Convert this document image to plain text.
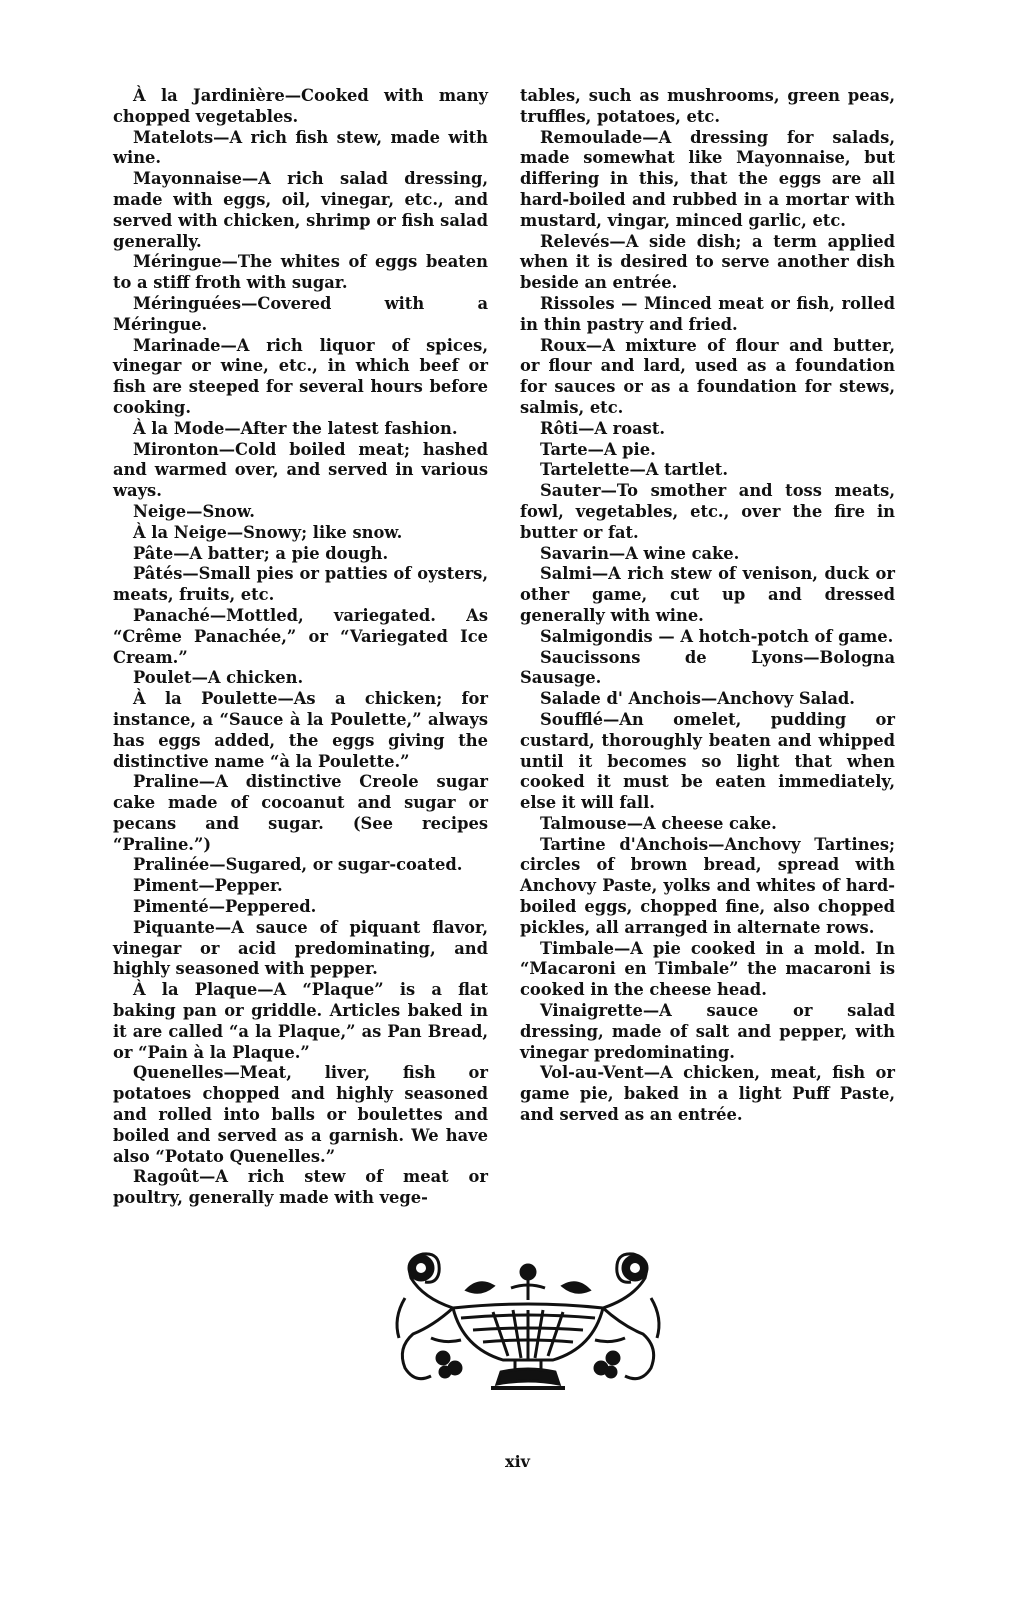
À la Jardinière—Cooked with many chopped vegetables.

Matelots—A rich fish stew, made with wine.

Mayonnaise—A rich salad dressing, made with eggs, oil, vinegar, etc., and served with chicken, shrimp or fish salad generally.

Méringue—The whites of eggs beaten to a stiff froth with sugar.

Méringuées—Covered with a Méringue.

Marinade—A rich liquor of spices, vinegar or wine, etc., in which beef or fish are steeped for several hours before cooking.

À la Mode—After the latest fashion.

Mironton—Cold boiled meat; hashed and warmed over, and served in various ways.

Neige—Snow.

À la Neige—Snowy; like snow.

Pâte—A batter; a pie dough.

Pâtés—Small pies or patties of oysters, meats, fruits, etc.

Panaché—Mottled, variegated. As “Crême Panachée,” or “Variegated Ice Cream.”

Poulet—A chicken.

À la Poulette—As a chicken; for instance, a “Sauce à la Poulette,” always has eggs added, the eggs giving the distinctive name “à la Poulette.”

Praline—A distinctive Creole sugar cake made of cocoanut and sugar or pecans and sugar. (See recipes “Praline.”)

Pralinée—Sugared, or sugar-coated.

Piment—Pepper.

Pimenté—Peppered.

Piquante—A sauce of piquant flavor, vinegar or acid predominating, and highly seasoned with pepper.

À la Plaque—A “Plaque” is a flat baking pan or griddle. Articles baked in it are called “a la Plaque,” as Pan Bread, or “Pain à la Plaque.”

Quenelles—Meat, liver, fish or potatoes chopped and highly seasoned and rolled into balls or boulettes and boiled and served as a garnish. We have also “Potato Quenelles.”

Ragoût—A rich stew of meat or poultry, generally made with vege-

tables, such as mushrooms, green peas, truffles, potatoes, etc.

Remoulade—A dressing for salads, made somewhat like Mayonnaise, but differing in this, that the eggs are all hard-boiled and rubbed in a mortar with mustard, vingar, minced garlic, etc.

Relevés—A side dish; a term applied when it is desired to serve another dish beside an entrée.

Rissoles — Minced meat or fish, rolled in thin pastry and fried.

Roux—A mixture of flour and butter, or flour and lard, used as a foundation for sauces or as a foundation for stews, salmis, etc.

Rôti—A roast.

Tarte—A pie.

Tartelette—A tartlet.

Sauter—To smother and toss meats, fowl, vegetables, etc., over the fire in butter or fat.

Savarin—A wine cake.

Salmi—A rich stew of venison, duck or other game, cut up and dressed generally with wine.

Salmigondis — A hotch-potch of game.

Saucissons de Lyons—Bologna Sausage.

Salade d' Anchois—Anchovy Salad.

Soufflé—An omelet, pudding or custard, thoroughly beaten and whipped until it becomes so light that when cooked it must be eaten immediately, else it will fall.

Talmouse—A cheese cake.

Tartine d'Anchois—Anchovy Tartines; circles of brown bread, spread with Anchovy Paste, yolks and whites of hard-boiled eggs, chopped fine, also chopped pickles, all arranged in alternate rows.

Timbale—A pie cooked in a mold. In “Macaroni en Timbale” the macaroni is cooked in the cheese head.

Vinaigrette—A sauce or salad dressing, made of salt and pepper, with vinegar predominating.

Vol-au-Vent—A chicken, meat, fish or game pie, baked in a light Puff Paste, and served as an entrée.

xiv
